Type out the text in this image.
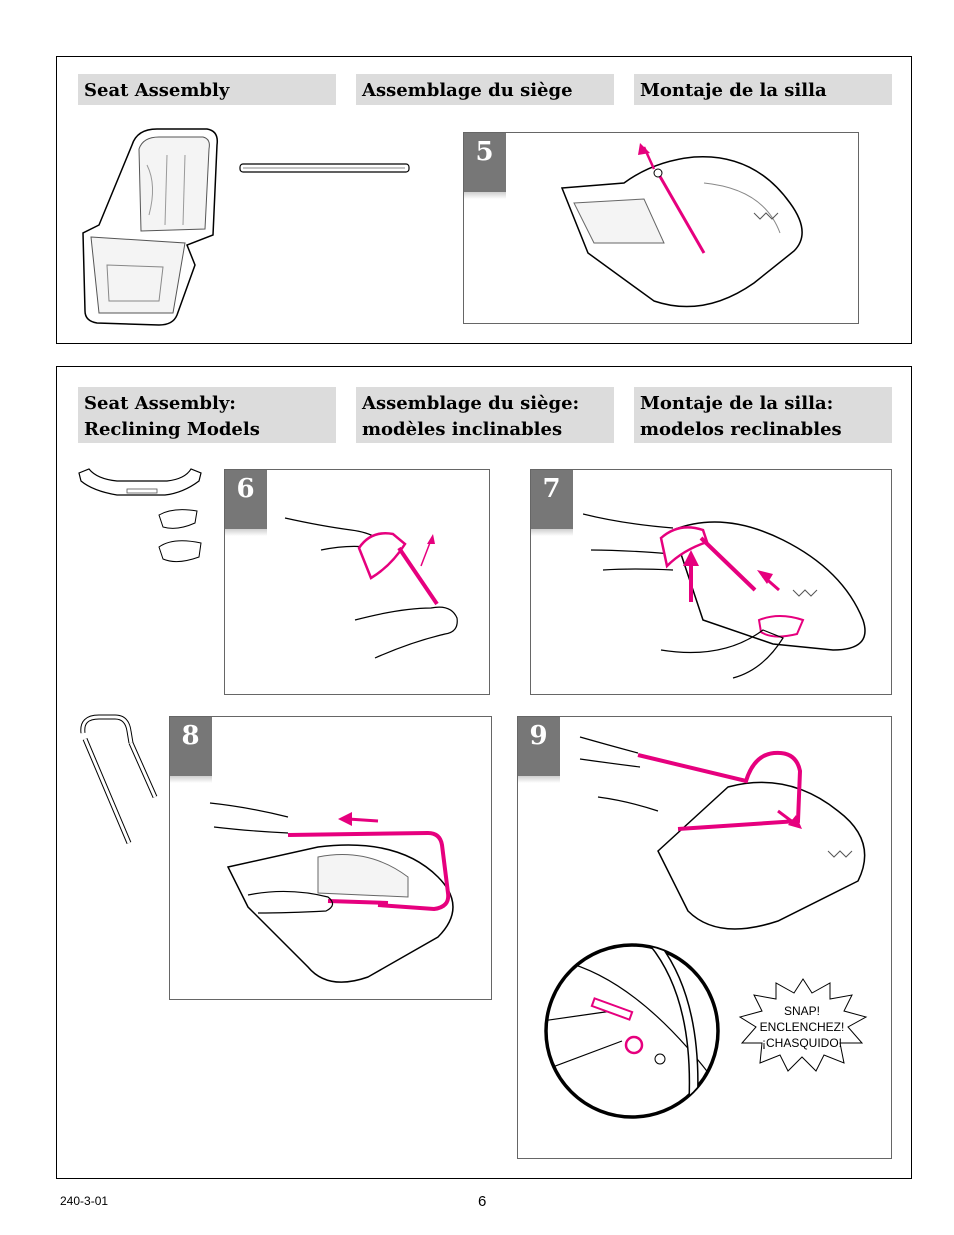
Seat Assembly	Assemblage du siège	Montaje de la silla
5
Seat Assembly:
Reclining Models
Assemblage du siège:
modèles inclinables
Montaje de la silla:
modelos reclinables
6	7
8	9
SNAP!
ENCLENCHEZ!
¡CHASQUIDO!
240-3-01	6
